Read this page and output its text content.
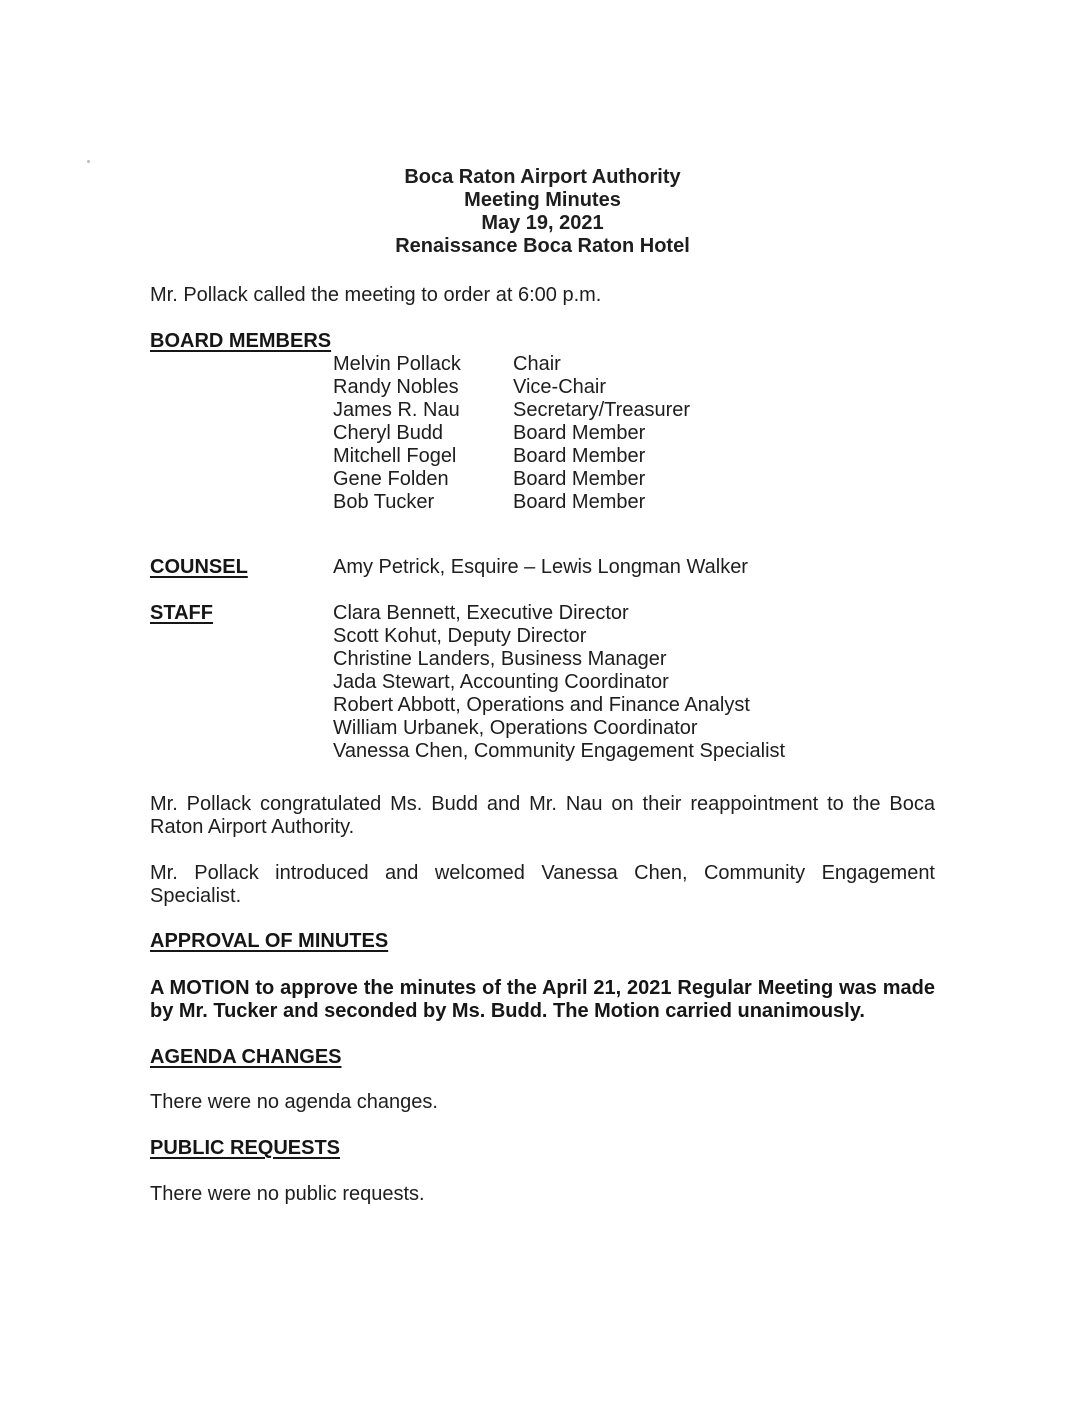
Boca Raton Airport Authority
Meeting Minutes
May 19, 2021
Renaissance Boca Raton Hotel

Mr. Pollack called the meeting to order at 6:00 p.m.

BOARD MEMBERS
Melvin Pollack	Chair
Randy Nobles	Vice-Chair
James R. Nau	Secretary/Treasurer
Cheryl Budd	Board Member
Mitchell Fogel	Board Member
Gene Folden	Board Member
Bob Tucker	Board Member
COUNSEL	Amy Petrick, Esquire – Lewis Longman Walker
STAFF	Clara Bennett, Executive Director
Scott Kohut, Deputy Director
Christine Landers, Business Manager
Jada Stewart, Accounting Coordinator
Robert Abbott, Operations and Finance Analyst
William Urbanek, Operations Coordinator
Vanessa Chen, Community Engagement Specialist

Mr. Pollack congratulated Ms. Budd and Mr. Nau on their reappointment to the Boca Raton Airport Authority.

Mr. Pollack introduced and welcomed Vanessa Chen, Community Engagement Specialist.

APPROVAL OF MINUTES

A MOTION to approve the minutes of the April 21, 2021 Regular Meeting was made by Mr. Tucker and seconded by Ms. Budd. The Motion carried unanimously.

AGENDA CHANGES

There were no agenda changes.

PUBLIC REQUESTS

There were no public requests.
